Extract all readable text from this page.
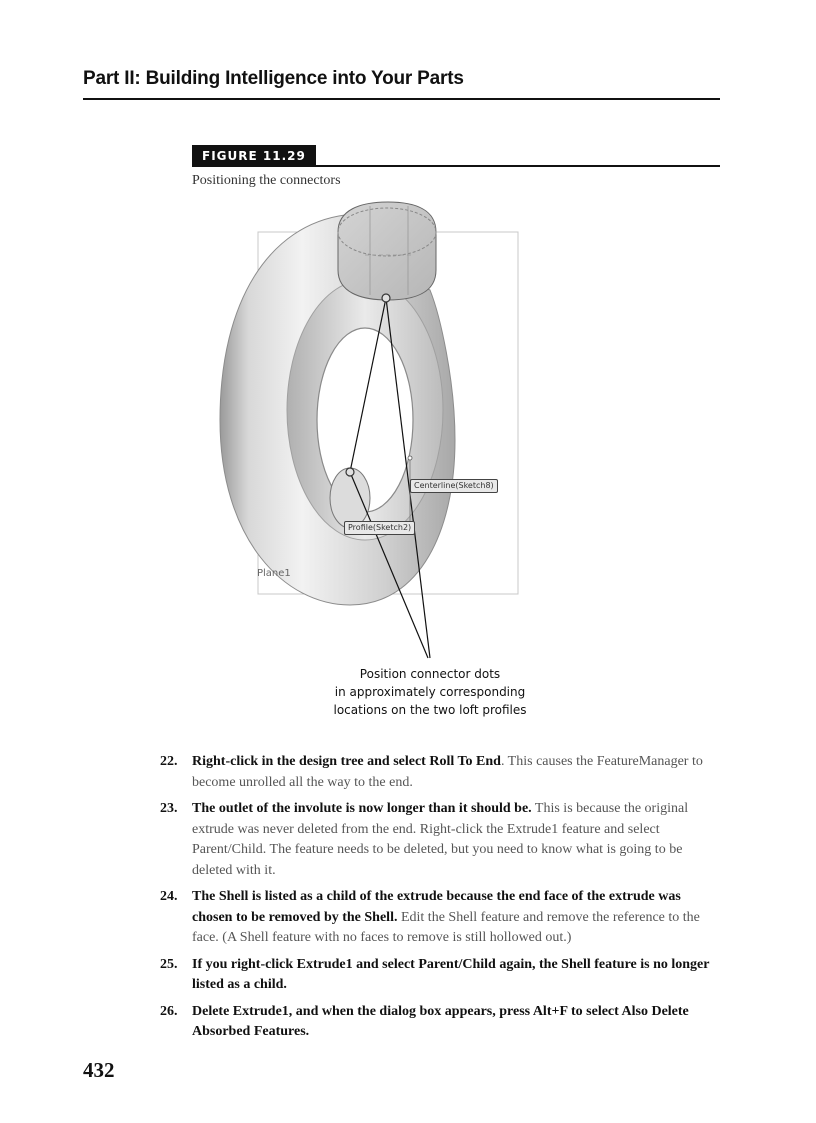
Part II: Building Intelligence into Your Parts
FIGURE 11.29
Positioning the connectors
Centerline(Sketch8)
Profile(Sketch2)
Plane1
Position connector dots
in approximately corresponding
locations on the two loft profiles
22. Right-click in the design tree and select Roll To End. This causes the FeatureManager to become unrolled all the way to the end.
23. The outlet of the involute is now longer than it should be. This is because the original extrude was never deleted from the end. Right-click the Extrude1 feature and select Parent/Child. The feature needs to be deleted, but you need to know what is going to be deleted with it.
24. The Shell is listed as a child of the extrude because the end face of the extrude was chosen to be removed by the Shell. Edit the Shell feature and remove the reference to the face. (A Shell feature with no faces to remove is still hollowed out.)
25. If you right-click Extrude1 and select Parent/Child again, the Shell feature is no longer listed as a child.
26. Delete Extrude1, and when the dialog box appears, press Alt+F to select Also Delete Absorbed Features.
432
